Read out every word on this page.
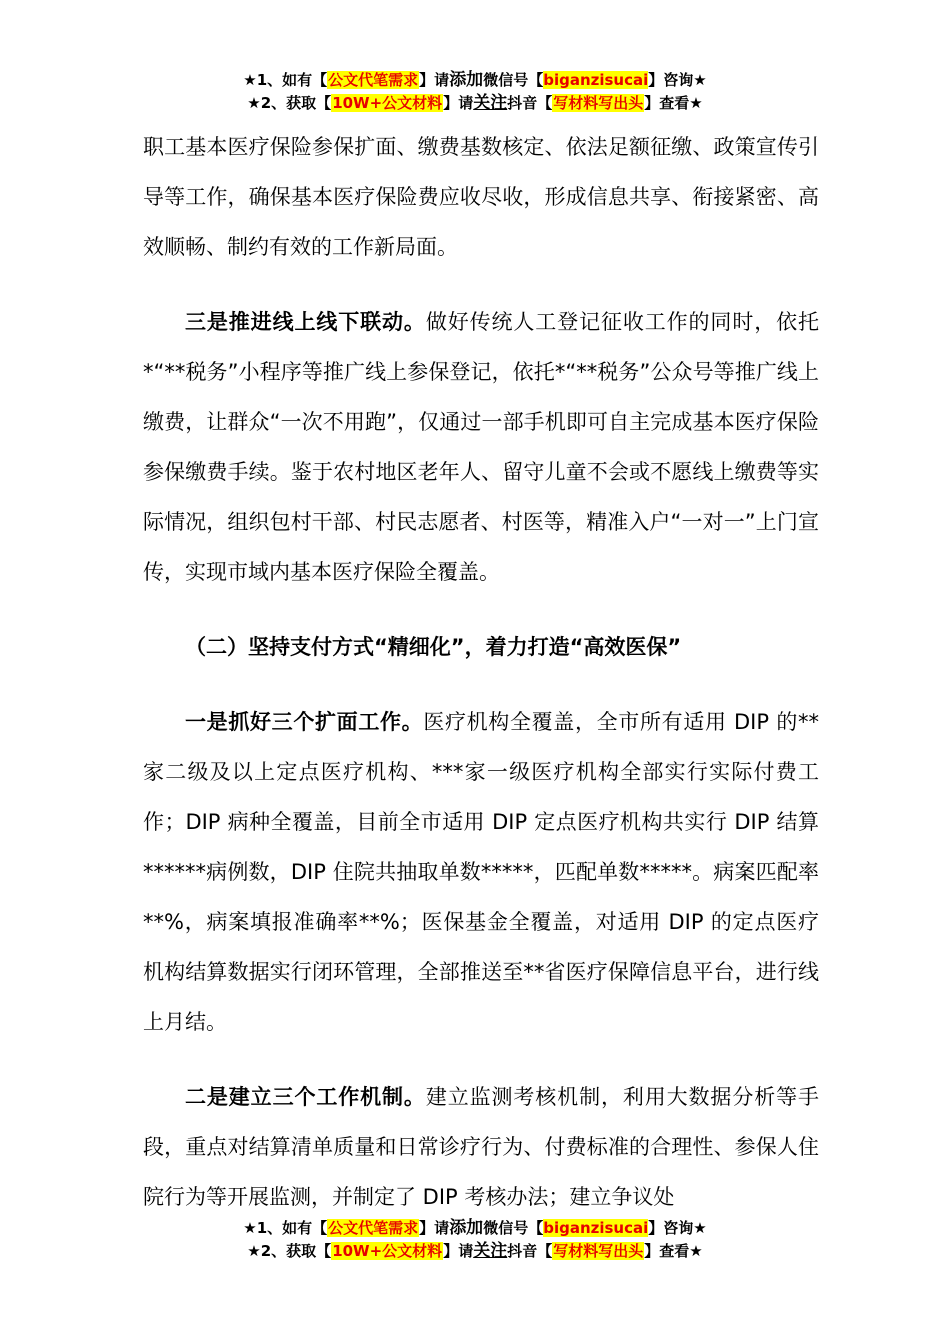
★1、如有【公文代笔需求】请添加微信号【biganzisucai】咨询★
★2、获取【10W+公文材料】请关注抖音【写材料写出头】查看★

职工基本医疗保险参保扩面、缴费基数核定、依法足额征缴、政策宣传引导等工作，确保基本医疗保险费应收尽收，形成信息共享、衔接紧密、高效顺畅、制约有效的工作新局面。

三是推进线上线下联动。做好传统人工登记征收工作的同时，依托*“**税务”小程序等推广线上参保登记，依托*“**税务”公众号等推广线上缴费，让群众“一次不用跑”，仅通过一部手机即可自主完成基本医疗保险参保缴费手续。鉴于农村地区老年人、留守儿童不会或不愿线上缴费等实际情况，组织包村干部、村民志愿者、村医等，精准入户“一对一”上门宣传，实现市域内基本医疗保险全覆盖。

（二）坚持支付方式“精细化”，着力打造“高效医保”

一是抓好三个扩面工作。医疗机构全覆盖，全市所有适用 DIP 的**家二级及以上定点医疗机构、***家一级医疗机构全部实行实际付费工作；DIP 病种全覆盖，目前全市适用 DIP 定点医疗机构共实行 DIP 结算******病例数，DIP 住院共抽取单数*****，匹配单数*****。病案匹配率**%，病案填报准确率**%；医保基金全覆盖，对适用 DIP 的定点医疗机构结算数据实行闭环管理，全部推送至**省医疗保障信息平台，进行线上月结。

二是建立三个工作机制。建立监测考核机制，利用大数据分析等手段，重点对结算清单质量和日常诊疗行为、付费标准的合理性、参保人住院行为等开展监测，并制定了 DIP 考核办法；建立争议处

★1、如有【公文代笔需求】请添加微信号【biganzisucai】咨询★
★2、获取【10W+公文材料】请关注抖音【写材料写出头】查看★
